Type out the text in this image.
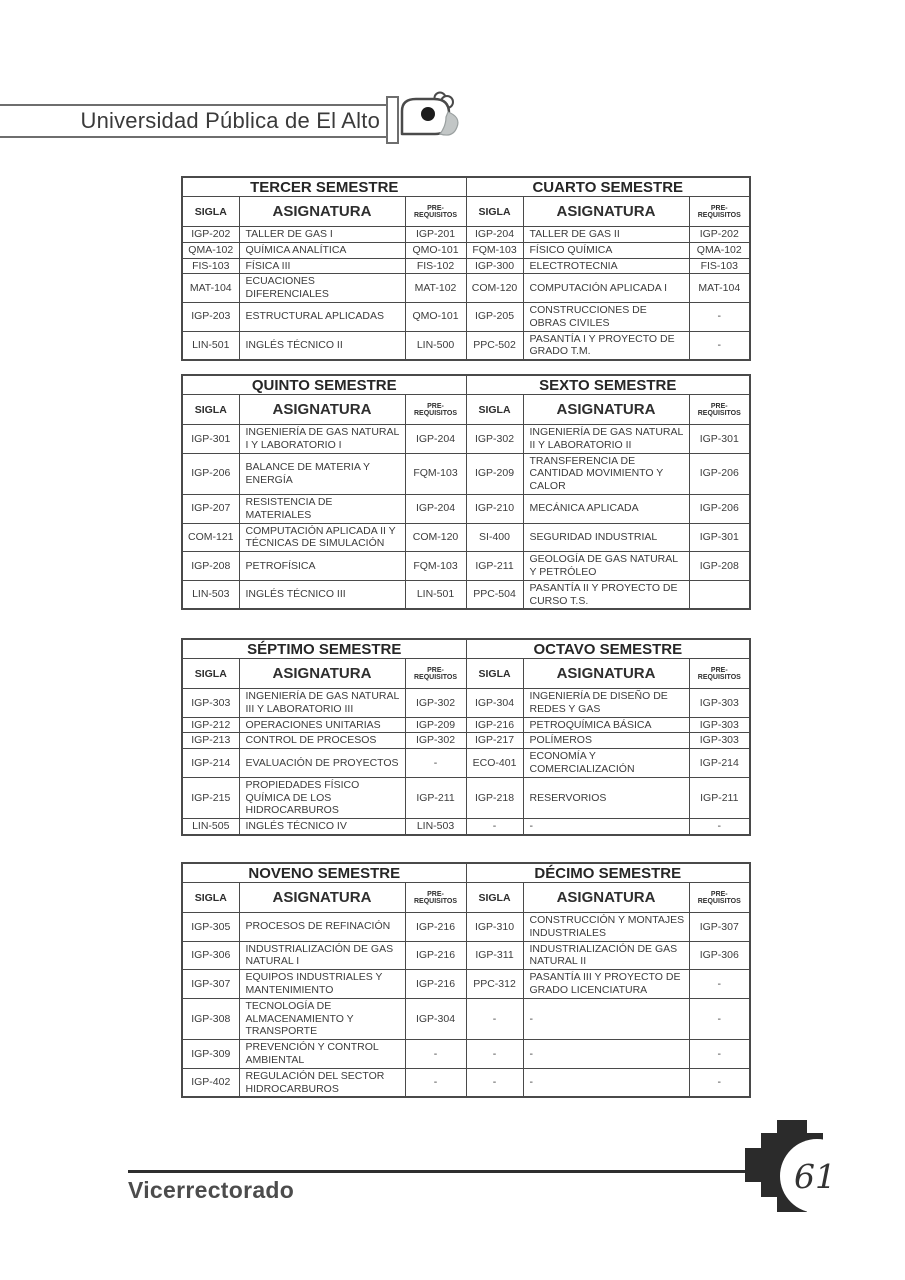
Universidad Pública de El Alto
TERCER SEMESTRE			CUARTO SEMESTRE		
SIGLA	ASIGNATURA	PRE-REQUISITOS	SIGLA	ASIGNATURA	PRE-REQUISITOS
IGP-202	TALLER DE GAS I	IGP-201	IGP-204	TALLER DE GAS II	IGP-202
QMA-102	QUÍMICA ANALÍTICA	QMO-101	FQM-103	FÍSICO QUÍMICA	QMA-102
FIS-103	FÍSICA III	FIS-102	IGP-300	ELECTROTECNIA	FIS-103
MAT-104	ECUACIONES DIFERENCIALES	MAT-102	COM-120	COMPUTACIÓN APLICADA I	MAT-104
IGP-203	ESTRUCTURAL APLICADAS	QMO-101	IGP-205	CONSTRUCCIONES DE OBRAS CIVILES	-
LIN-501	INGLÉS TÉCNICO II	LIN-500	PPC-502	PASANTÍA I Y PROYECTO DE GRADO T.M.	-
QUINTO SEMESTRE			SEXTO SEMESTRE		
SIGLA	ASIGNATURA	PRE-REQUISITOS	SIGLA	ASIGNATURA	PRE-REQUISITOS
IGP-301	INGENIERÍA DE GAS NATURAL I Y LABORATORIO I	IGP-204	IGP-302	INGENIERÍA DE GAS NATURAL II Y LABORATORIO II	IGP-301
IGP-206	BALANCE DE MATERIA Y ENERGÍA	FQM-103	IGP-209	TRANSFERENCIA DE CANTIDAD MOVIMIENTO Y CALOR	IGP-206
IGP-207	RESISTENCIA DE MATERIALES	IGP-204	IGP-210	MECÁNICA APLICADA	IGP-206
COM-121	COMPUTACIÓN APLICADA II Y TÉCNICAS DE SIMULACIÓN	COM-120	SI-400	SEGURIDAD INDUSTRIAL	IGP-301
IGP-208	PETROFÍSICA	FQM-103	IGP-211	GEOLOGÍA DE GAS NATURAL Y PETRÓLEO	IGP-208
LIN-503	INGLÉS TÉCNICO III	LIN-501	PPC-504	PASANTÍA II Y PROYECTO DE CURSO T.S.	
SÉPTIMO SEMESTRE			OCTAVO SEMESTRE		
SIGLA	ASIGNATURA	PRE-REQUISITOS	SIGLA	ASIGNATURA	PRE-REQUISITOS
IGP-303	INGENIERÍA DE GAS NATURAL III Y LABORATORIO III	IGP-302	IGP-304	INGENIERÍA DE DISEÑO DE REDES Y GAS	IGP-303
IGP-212	OPERACIONES UNITARIAS	IGP-209	IGP-216	PETROQUÍMICA BÁSICA	IGP-303
IGP-213	CONTROL DE PROCESOS	IGP-302	IGP-217	POLÍMEROS	IGP-303
IGP-214	EVALUACIÓN DE PROYECTOS	-	ECO-401	ECONOMÍA Y COMERCIALIZACIÓN	IGP-214
IGP-215	PROPIEDADES FÍSICO QUÍMICA DE LOS HIDROCARBUROS	IGP-211	IGP-218	RESERVORIOS	IGP-211
LIN-505	INGLÉS TÉCNICO IV	LIN-503	-	-	-
NOVENO SEMESTRE			DÉCIMO SEMESTRE		
SIGLA	ASIGNATURA	PRE-REQUISITOS	SIGLA	ASIGNATURA	PRE-REQUISITOS
IGP-305	PROCESOS DE REFINACIÓN	IGP-216	IGP-310	CONSTRUCCIÓN Y MONTAJES INDUSTRIALES	IGP-307
IGP-306	INDUSTRIALIZACIÓN DE GAS NATURAL I	IGP-216	IGP-311	INDUSTRIALIZACIÓN DE GAS NATURAL II	IGP-306
IGP-307	EQUIPOS INDUSTRIALES Y MANTENIMIENTO	IGP-216	PPC-312	PASANTÍA III Y PROYECTO DE GRADO LICENCIATURA	-
IGP-308	TECNOLOGÍA DE ALMACENAMIENTO Y TRANSPORTE	IGP-304	-	-	-
IGP-309	PREVENCIÓN Y CONTROL AMBIENTAL	-	-	-	-
IGP-402	REGULACIÓN DEL SECTOR HIDROCARBUROS	-	-	-	-
Vicerrectorado	61
